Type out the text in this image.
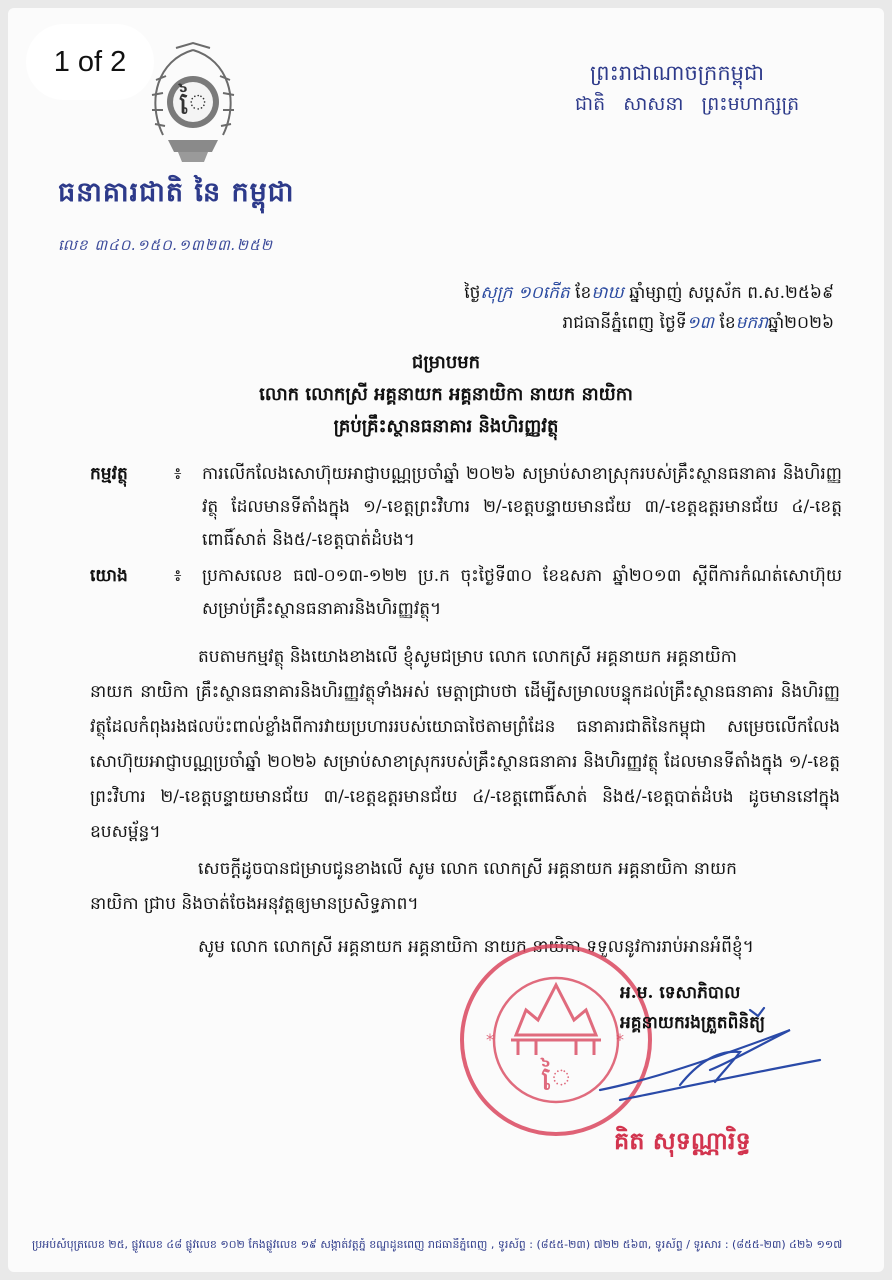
1 of 2
ៃ
ធនាគារជាតិ នៃ កម្ពុជា
លេខ ៣៤០.១៥០.១៣២៣.២៥២
ព្រះរាជាណាចក្រកម្ពុជា
ជាតិ សាសនា ព្រះមហាក្សត្រ
ថ្ងៃសុក្រ ១០កើត ខែមាឃ ឆ្នាំម្សាញ់ សប្តស័ក ព.ស.២៥៦៩
រាជធានីភ្នំពេញ ថ្ងៃទី១៣ ខែមករាឆ្នាំ២០២៦
ជម្រាបមក
លោក លោកស្រី អគ្គនាយក អគ្គនាយិកា នាយក នាយិកា
គ្រប់គ្រឹះស្ថានធនាគារ និងហិរញ្ញវត្ថុ
កម្មវត្ថុ	៖ ការលើកលែងសោហ៊ុយអាជ្ញាបណ្ណប្រចាំឆ្នាំ ២០២៦ សម្រាប់សាខាស្រុករបស់គ្រឹះស្ថានធនាគារ និងហិរញ្ញវត្ថុ ដែលមានទីតាំងក្នុង ១/-ខេត្តព្រះវិហារ ២/-ខេត្តបន្ទាយមានជ័យ ៣/-ខេត្តឧត្តរមានជ័យ ៤/-ខេត្តពោធិ៍សាត់ និង៥/-ខេត្តបាត់ដំបង។
យោង	៖ ប្រកាសលេខ ធ៧-០១៣-១២២ ប្រ.ក ចុះថ្ងៃទី៣០ ខែឧសភា ឆ្នាំ២០១៣ ស្តីពីការកំណត់សោហ៊ុយសម្រាប់គ្រឹះស្ថានធនាគារនិងហិរញ្ញវត្ថុ។
តបតាមកម្មវត្ថុ និងយោងខាងលើ ខ្ញុំសូមជម្រាប លោក លោកស្រី អគ្គនាយក អគ្គនាយិកា
នាយក នាយិកា គ្រឹះស្ថានធនាគារនិងហិរញ្ញវត្ថុទាំងអស់ មេត្តាជ្រាបថា ដើម្បីសម្រាលបន្ទុកដល់គ្រឹះស្ថានធនាគារ និងហិរញ្ញវត្ថុដែលកំពុងរងផលប៉ះពាល់ខ្លាំងពីការវាយប្រហាររបស់យោធាថៃតាមព្រំដែន ធនាគារជាតិនៃកម្ពុជា សម្រេចលើកលែងសោហ៊ុយអាជ្ញាបណ្ណប្រចាំឆ្នាំ ២០២៦ សម្រាប់សាខាស្រុករបស់គ្រឹះស្ថានធនាគារ និងហិរញ្ញវត្ថុ ដែលមានទីតាំងក្នុង ១/-ខេត្តព្រះវិហារ ២/-ខេត្តបន្ទាយមានជ័យ ៣/-ខេត្តឧត្តរមានជ័យ ៤/-ខេត្តពោធិ៍សាត់ និង៥/-ខេត្តបាត់ដំបង ដូចមាននៅក្នុងឧបសម្ព័ន្ធ។
សេចក្តីដូចបានជម្រាបជូនខាងលើ សូម លោក លោកស្រី អគ្គនាយក អគ្គនាយិកា នាយក
នាយិកា ជ្រាប និងចាត់ចែងអនុវត្តឲ្យមានប្រសិទ្ធភាព។
សូម លោក លោកស្រី អគ្គនាយក អគ្គនាយិកា នាយក នាយិកា ទទួលនូវការរាប់អានអំពីខ្ញុំ។
ៃ
*	*
អ.ម. ទេសាភិបាល
អគ្គនាយករងត្រួតពិនិត្យ
គិត សុទណ្ណារិទ្ធ
ប្រអប់សំបុត្រលេខ ២៥, ផ្លូវលេខ ៤៨ ផ្លូវលេខ ១០២ កែងផ្លូវលេខ ១៩ សង្កាត់វត្តភ្នំ ខណ្ឌដូនពេញ រាជធានីភ្នំពេញ , ទូរស័ព្ទ : (៨៥៥-២៣) ៧២២ ៥៦៣, ទូរស័ព្ទ / ទូរសារ : (៨៥៥-២៣) ៤២៦ ១១៧
